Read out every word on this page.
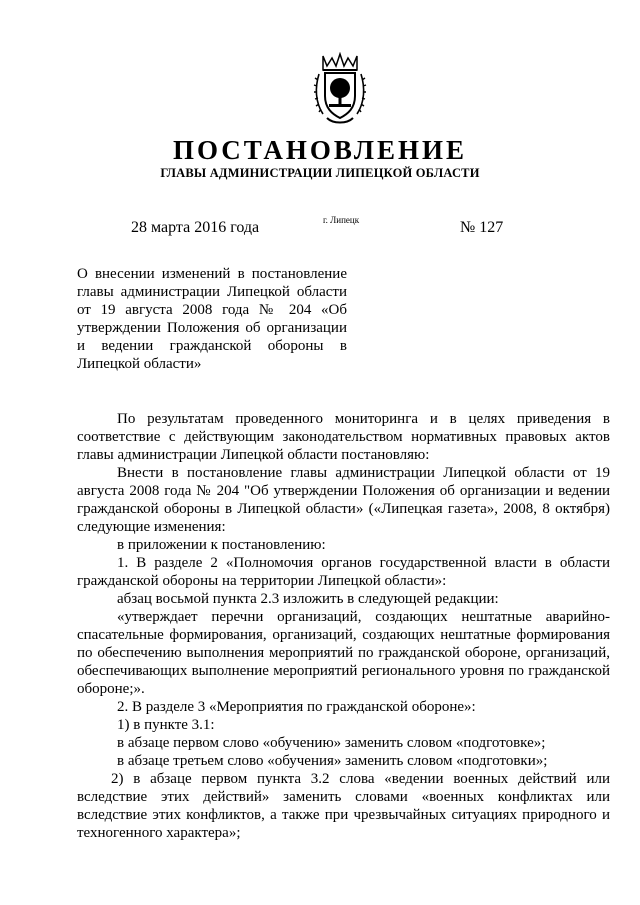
ПОСТАНОВЛЕНИЕ
ГЛАВЫ АДМИНИСТРАЦИИ ЛИПЕЦКОЙ ОБЛАСТИ
28 марта 2016 года	г. Липецк	№ 127
О внесении изменений в постановление
главы администрации Липецкой области
от 19 августа 2008 года № 204 «Об
утверждении Положения об организации
и ведении гражданской обороны в
Липецкой области»

По результатам проведенного мониторинга и в целях приведения в соответствие с действующим законодательством нормативных правовых актов главы администрации Липецкой области постановляю:

Внести в постановление главы администрации Липецкой области от 19 августа 2008 года № 204 "Об утверждении Положения об организации и ведении гражданской обороны в Липецкой области» («Липецкая газета», 2008, 8 октября) следующие изменения:

в приложении к постановлению:

1. В разделе 2 «Полномочия органов государственной власти в области гражданской обороны на территории Липецкой области»:

абзац восьмой пункта 2.3 изложить в следующей редакции:

«утверждает перечни организаций, создающих нештатные аварийно-спасательные формирования, организаций, создающих нештатные формирования по обеспечению выполнения мероприятий по гражданской обороне, организаций, обеспечивающих выполнение мероприятий регионального уровня по гражданской обороне;».

2. В разделе 3 «Мероприятия по гражданской обороне»:

1) в пункте 3.1:

в абзаце первом слово «обучению» заменить словом «подготовке»;

в абзаце третьем слово «обучения» заменить словом «подготовки»;

2) в абзаце первом пункта 3.2 слова «ведении военных действий или вследствие этих действий» заменить словами «военных конфликтах или вследствие этих конфликтов, а также при чрезвычайных ситуациях природного и техногенного характера»;
